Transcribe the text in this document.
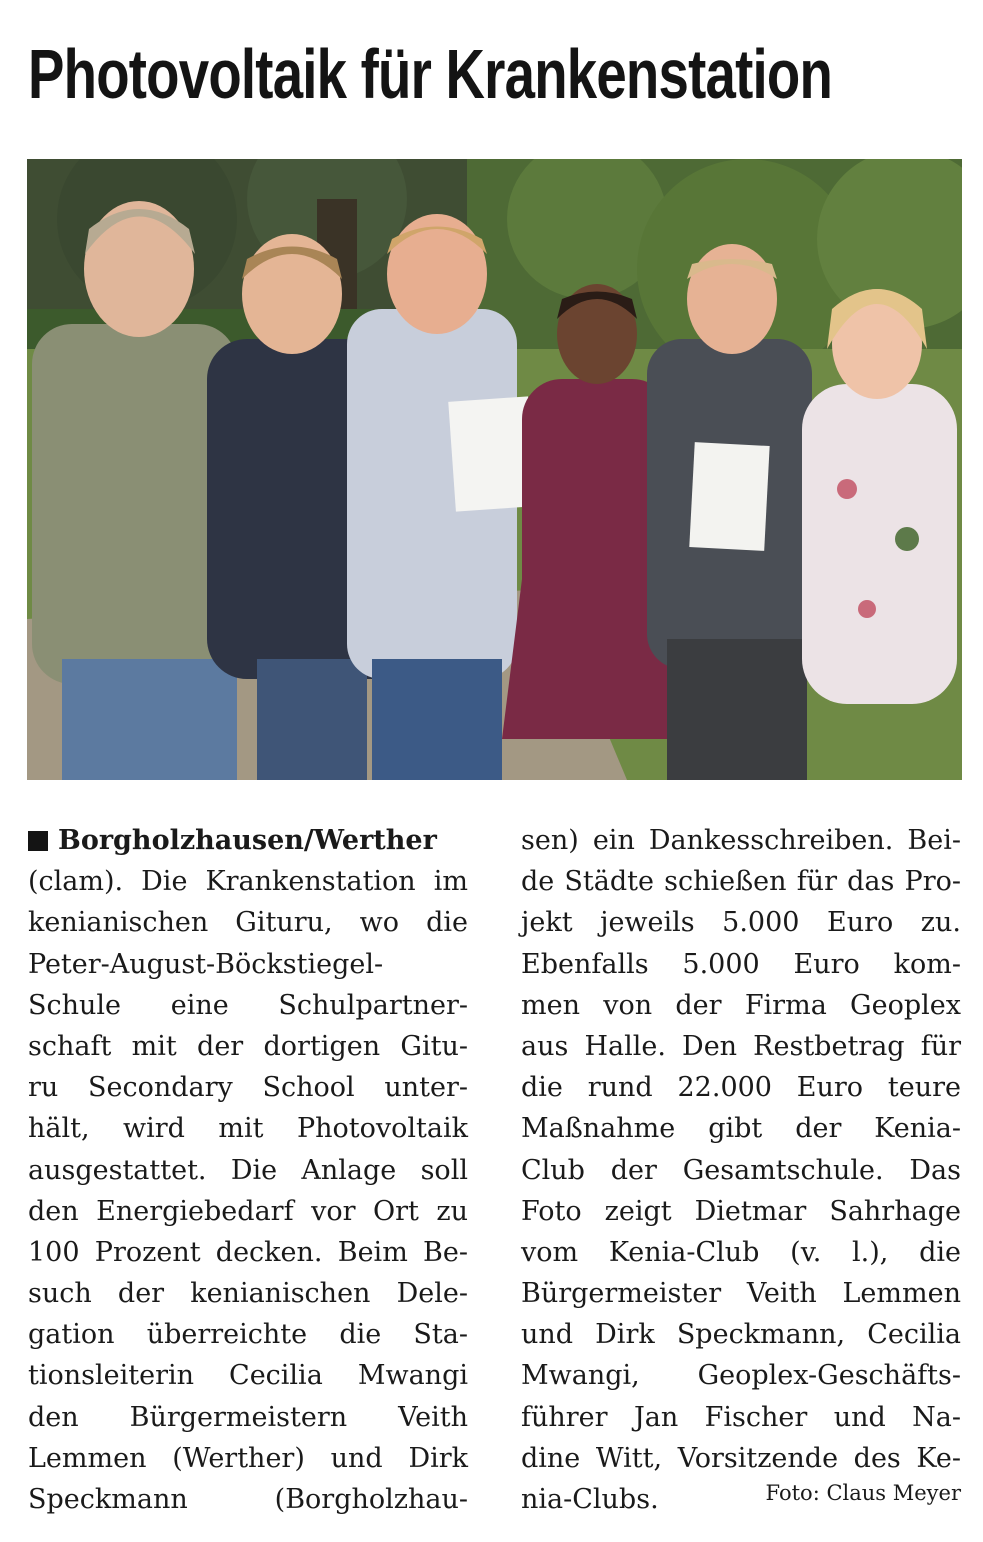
Photovoltaik für Krankenstation
Borgholzhausen/Werther
(clam). Die Krankenstation im
kenianischen Gituru, wo die
Peter-August-Böckstiegel-
Schule eine Schulpartner-
schaft mit der dortigen Gitu-
ru Secondary School unter-
hält, wird mit Photovoltaik
ausgestattet. Die Anlage soll
den Energiebedarf vor Ort zu
100 Prozent decken. Beim Be-
such der kenianischen Dele-
gation überreichte die Sta-
tionsleiterin Cecilia Mwangi
den Bürgermeistern Veith
Lemmen (Werther) und Dirk
Speckmann	(Borgholzhau-
sen) ein Dankesschreiben. Bei-
de Städte schießen für das Pro-
jekt jeweils 5.000 Euro zu.
Ebenfalls 5.000 Euro kom-
men von der Firma Geoplex
aus Halle. Den Restbetrag für
die rund 22.000 Euro teure
Maßnahme gibt der Kenia-
Club der Gesamtschule. Das
Foto zeigt Dietmar Sahrhage
vom Kenia-Club (v. l.), die
Bürgermeister Veith Lemmen
und Dirk Speckmann, Cecilia
Mwangi, Geoplex-Geschäfts-
führer Jan Fischer und Na-
dine Witt, Vorsitzende des Ke-
nia-Clubs.	Foto: Claus Meyer
